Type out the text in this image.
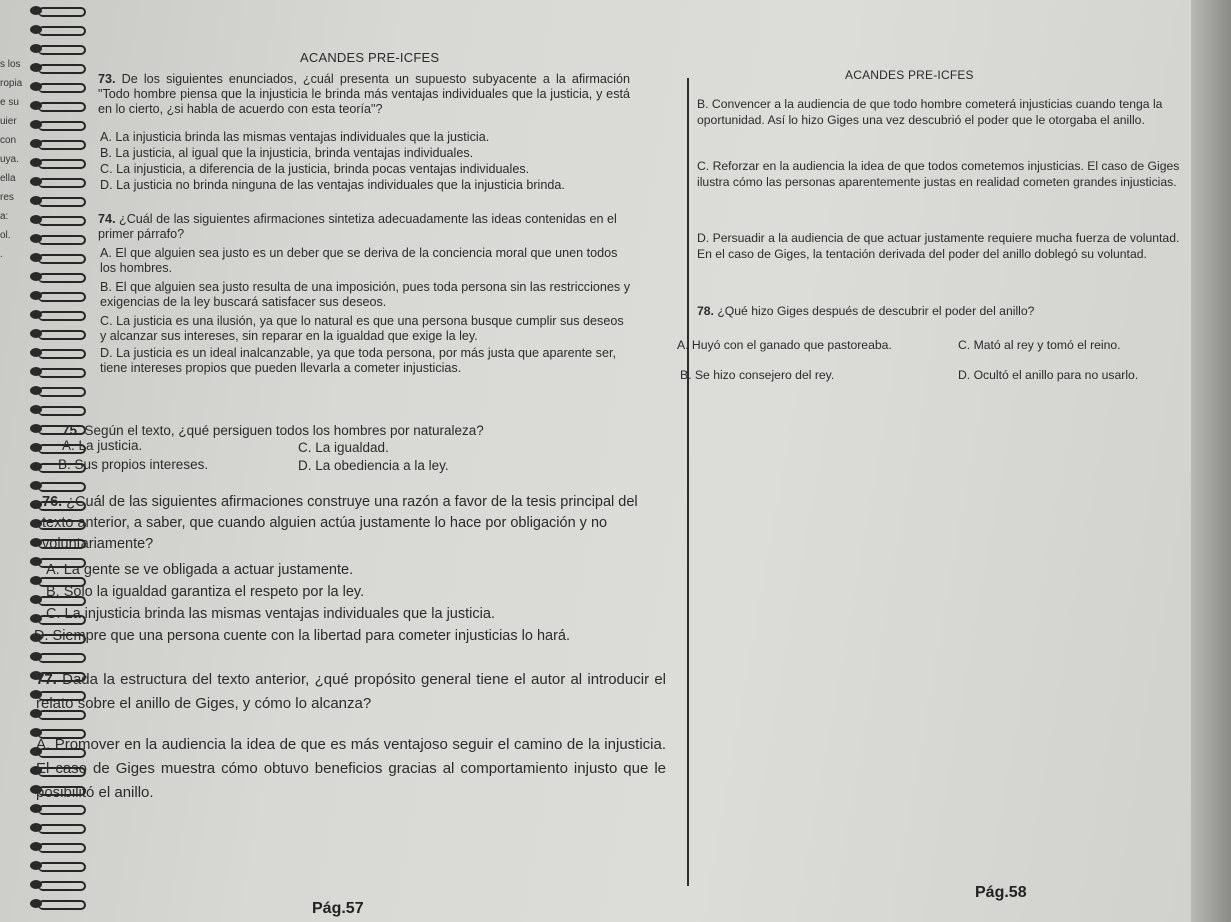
s los
ropia
e su
uier
con
uya.
ella
res
a:
ol.
.
ACANDES PRE-ICFES
ACANDES PRE-ICFES
73. De los siguientes enunciados, ¿cuál presenta un supuesto subyacente a la afirmación "Todo hombre piensa que la injusticia le brinda más ventajas individuales que la justicia, y está en lo cierto, ¿si habla de acuerdo con esta teoría"?
A. La injusticia brinda las mismas ventajas individuales que la justicia.
B. La justicia, al igual que la injusticia, brinda ventajas individuales.
C. La injusticia, a diferencia de la justicia, brinda pocas ventajas individuales.
D. La justicia no brinda ninguna de las ventajas individuales que la injusticia brinda.
74. ¿Cuál de las siguientes afirmaciones sintetiza adecuadamente las ideas contenidas en el primer párrafo?
A. El que alguien sea justo es un deber que se deriva de la conciencia moral que unen todos los hombres.
B. El que alguien sea justo resulta de una imposición, pues toda persona sin las restricciones y exigencias de la ley buscará satisfacer sus deseos.
C. La justicia es una ilusión, ya que lo natural es que una persona busque cumplir sus deseos y alcanzar sus intereses, sin reparar en la igualdad que exige la ley.
D. La justicia es un ideal inalcanzable, ya que toda persona, por más justa que aparente ser, tiene intereses propios que pueden llevarla a cometer injusticias.
75. Según el texto, ¿qué persiguen todos los hombres por naturaleza?
A. La justicia.	C. La igualdad.
B. Sus propios intereses.	D. La obediencia a la ley.
76. ¿Cuál de las siguientes afirmaciones construye una razón a favor de la tesis principal del texto anterior, a saber, que cuando alguien actúa justamente lo hace por obligación y no voluntariamente?
A. La gente se ve obligada a actuar justamente.
B. Solo la igualdad garantiza el respeto por la ley.
C. La injusticia brinda las mismas ventajas individuales que la justicia.
D. Siempre que una persona cuente con la libertad para cometer injusticias lo hará.
77. Dada la estructura del texto anterior, ¿qué propósito general tiene el autor al introducir el relato sobre el anillo de Giges, y cómo lo alcanza?
A. Promover en la audiencia la idea de que es más ventajoso seguir el camino de la injusticia. El caso de Giges muestra cómo obtuvo beneficios gracias al comportamiento injusto que le posibilitó el anillo.
B. Convencer a la audiencia de que todo hombre cometerá injusticias cuando tenga la oportunidad. Así lo hizo Giges una vez descubrió el poder que le otorgaba el anillo.
C. Reforzar en la audiencia la idea de que todos cometemos injusticias. El caso de Giges ilustra cómo las personas aparentemente justas en realidad cometen grandes injusticias.
D. Persuadir a la audiencia de que actuar justamente requiere mucha fuerza de voluntad. En el caso de Giges, la tentación derivada del poder del anillo doblegó su voluntad.
78. ¿Qué hizo Giges después de descubrir el poder del anillo?
A. Huyó con el ganado que pastoreaba.	C. Mató al rey y tomó el reino.
B. Se hizo consejero del rey.	D. Ocultó el anillo para no usarlo.
Pág.57
Pág.58
